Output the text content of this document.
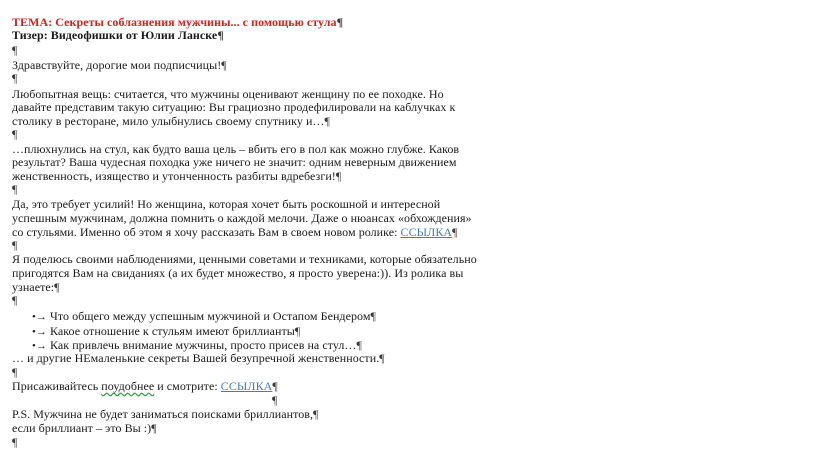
ТЕМА: Секреты соблазнения мужчины... с помощью стула¶
Тизер: Видеофишки от Юлии Ланске¶
¶
Здравствуйте, дорогие мои подписчицы!¶
¶
Любопытная вещь: считается, что мужчины оценивают женщину по ее походке. Но
давайте представим такую ситуацию: Вы грациозно продефилировали на каблучках к
столику в ресторане, мило улыбнулись своему спутнику и…¶
¶
…плюхнулись на стул, как будто ваша цель – вбить его в пол как можно глубже. Каков
результат? Ваша чудесная походка уже ничего не значит: одним неверным движением
женственность, изящество и утонченность разбиты вдребезги!¶
¶
Да, это требует усилий! Но женщина, которая хочет быть роскошной и интересной
успешным мужчинам, должна помнить о каждой мелочи. Даже о нюансах «обхождения»
со стульями. Именно об этом я хочу рассказать Вам в своем новом ролике: ССЫЛКА¶
¶
Я поделюсь своими наблюдениями, ценными советами и техниками, которые обязательно
пригодятся Вам на свиданиях (а их будет множество, я просто уверена:)). Из ролика вы
узнаете:¶
¶
•→ Что общего между успешным мужчиной и Остапом Бендером¶
•→ Какое отношение к стульям имеют бриллианты¶
•→ Как привлечь внимание мужчины, просто присев на стул…¶
… и другие НЕмаленькие секреты Вашей безупречной женственности.¶
¶
Присаживайтесь поудобнее и смотрите: ССЫЛКА¶
¶
P.S. Мужчина не будет заниматься поисками бриллиантов,¶
если бриллиант – это Вы :)¶
¶
